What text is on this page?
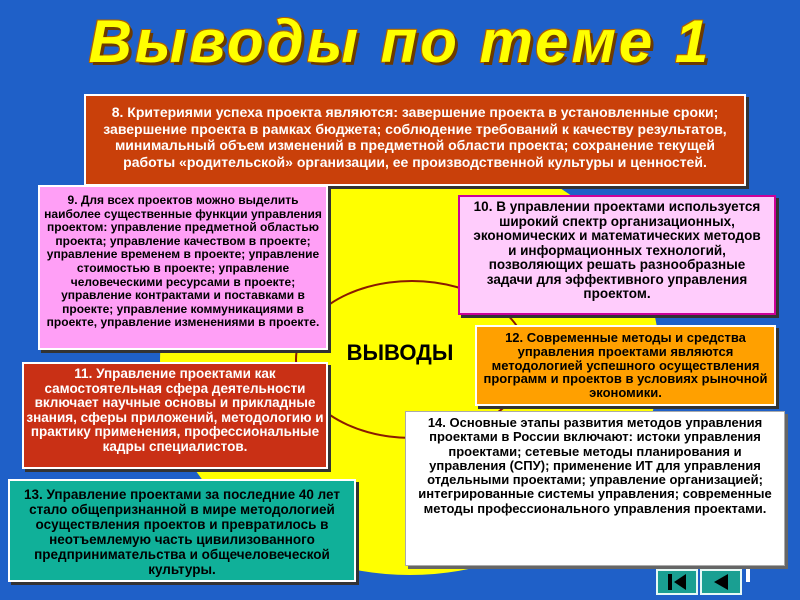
Выводы по теме 1
ВЫВОДЫ
8. Критериями успеха проекта являются: завершение проекта в установленные сроки; завершение проекта в рамках бюджета; соблюдение требований к качеству результатов, минимальный объем изменений в предметной области проекта; сохранение текущей работы «родительской» организации, ее производственной культуры и ценностей.
9. Для всех проектов можно выделить наиболее существенные функции управления проектом: управление предметной областью проекта; управление качеством в проекте; управление временем в проекте; управление стоимостью в проекте; управление человеческими ресурсами в проекте; управление контрактами и поставками в проекте; управление коммуникациями в проекте, управление изменениями в проекте.
10. В управлении проектами используется широкий спектр организационных, экономических и математических методов и информационных технологий, позволяющих решать разнообразные задачи для эффективного управления проектом.
11. Управление проектами как самостоятельная сфера деятельности включает научные основы и прикладные знания, сферы приложений, методологию и практику применения, профессиональные кадры специалистов.
12. Современные методы и средства управления проектами являются методологией успешного осуществления программ и проектов в условиях рыночной экономики.
13. Управление проектами за последние 40 лет стало общепризнанной в мире методологией осуществления проектов и превратилось в неотъемлемую часть цивилизованного предпринимательства и общечеловеческой культуры.
14. Основные этапы развития методов управления проектами в России включают: истоки управления проектами; сетевые методы планирования и управления (СПУ); применение ИТ для управления отдельными проектами; управление организацией; интегрированные системы управления; современные методы профессионального управления проектами.
